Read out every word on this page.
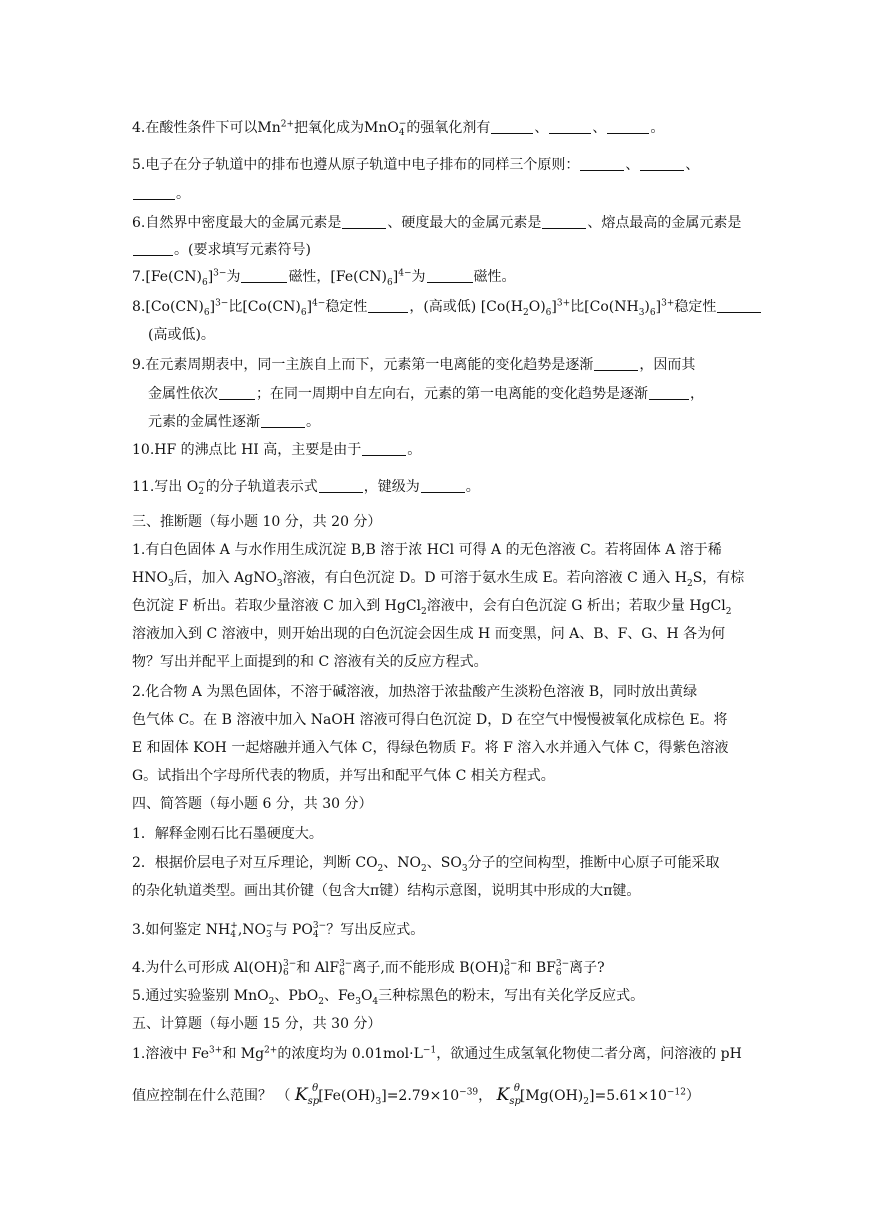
4.在酸性条件下可以$Mn^{2+}$把氧化成为MnO−
4 的强氧化剂有	、	、	。
5.电子在分子轨道中的排布也遵从原子轨道中电子排布的同样三个原则：	、	、
。
6.自然界中密度最大的金属元素是	、硬度最大的金属元素是	、熔点最高的金属元素是
。(要求填写元素符号)
$7.[Fe(CN)_6]^{3-}$为	磁性，$[Fe(CN)_6]^{4-}$为	磁性。
$8.[Co(CN)_6]^{3-}$比$[Co(CN)_6]^{4-}$稳定性	，(高或低) $[Co(H_2O)_6]^{3+}$比$[Co(NH_3)_6]^{3+}$稳定性
(高或低)。
9.在元素周期表中，同一主族自上而下，元素第一电离能的变化趋势是逐渐	，因而其
金属性依次	；在同一周期中自左向右，元素的第一电离能的变化趋势是逐渐	，
元素的金属性逐渐	。
10.HF 的沸点比 HI 高，主要是由于	。
11.写出 O−
2 的分子轨道表示式	，键级为	。
三、推断题（每小题 10 分，共 20 分）
1.有白色固体 A 与水作用生成沉淀 B,B 溶于浓 HCl 可得 A 的无色溶液 C。若将固体 A 溶于稀
$HNO_3$后，加入 AgNO$_3$溶液，有白色沉淀 D。D 可溶于氨水生成 E。若向溶液 C 通入 $H_2S$，有棕
色沉淀 F 析出。若取少量溶液 C 加入到 HgCl$_2$溶液中，会有白色沉淀 G 析出；若取少量 HgCl$_2$
溶液加入到 C 溶液中，则开始出现的白色沉淀会因生成 H 而变黑，问 A、B、F、G、H 各为何
物？写出并配平上面提到的和 C 溶液有关的反应方程式。
2.化合物 A 为黑色固体，不溶于碱溶液，加热溶于浓盐酸产生淡粉色溶液 B，同时放出黄绿
色气体 C。在 B 溶液中加入 NaOH 溶液可得白色沉淀 D，D 在空气中慢慢被氧化成棕色 E。将
E 和固体 KOH 一起熔融并通入气体 C，得绿色物质 F。将 F 溶入水并通入气体 C，得紫色溶液
G。试指出个字母所代表的物质，并写出和配平气体 C 相关方程式。
四、简答题（每小题 6 分，共 30 分）
1．解释金刚石比石墨硬度大。
2．根据价层电子对互斥理论，判断 $CO_2$、$NO_2$、$SO_3$分子的空间构型，推断中心原子可能采取
的杂化轨道类型。画出其价键（包含大π键）结构示意图，说明其中形成的大π键。
3.如何鉴定 NH+
4 ,NO−
3 与 PO3−
4 ？写出反应式。
4.为什么可形成 Al(OH)3−
6 和 AlF3−
6 离子,而不能形成 B(OH)3−
6 和 BF3−
6 离子?
5.通过实验鉴别 MnO$_2$、PbO$_2$、$Fe_3O_4$三种棕黑色的粉末，写出有关化学反应式。
五、计算题（每小题 15 分，共 30 分）
1.溶液中 $Fe^{3+}$和 $Mg^{2+}$的浓度均为 $0.01mol\cdot L^{-1}$，欲通过生成氢氧化物使二者分离，问溶液的 pH
值应控制在什么范围？ （ $K_{sp}^\theta[Fe(OH)_3]=2.79\times 10^{-39}$， $K_{sp}^\theta[Mg(OH)_2]=5.61\times 10^{-12}$）
